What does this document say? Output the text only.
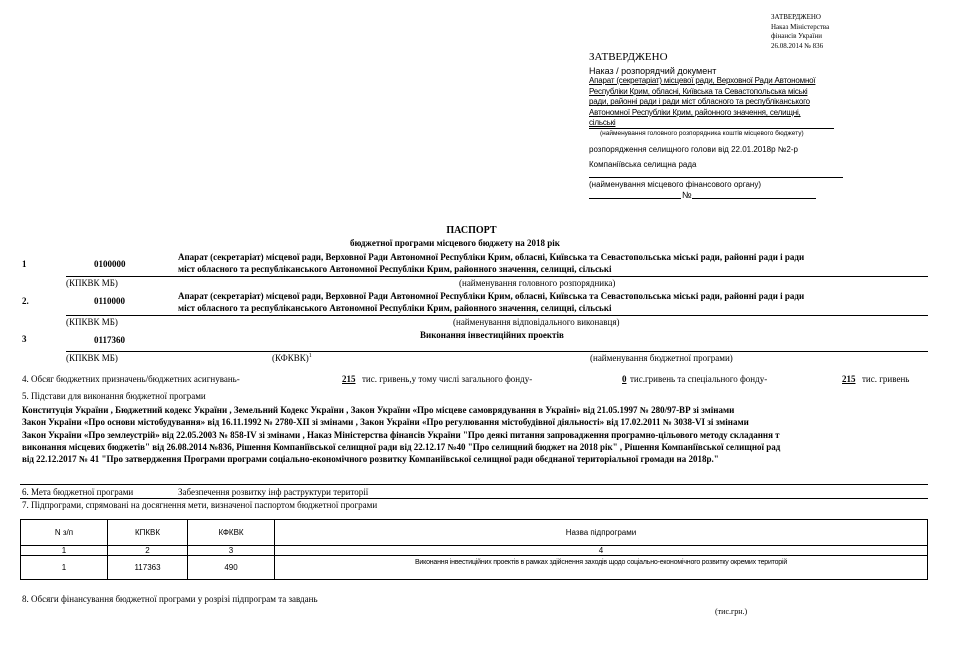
ЗАТВЕРДЖЕНО
Наказ Міністерства
фінансів України
26.08.2014 № 836
ЗАТВЕРДЖЕНО
Наказ / розпорядчий документ
Апарат (секретаріат) місцевої ради, Верховної Ради Автономної
Республіки Крим, обласні, Київська та Севастопольська міські
ради, районні ради і ради міст обласного та республіканського
Автономної Республіки Крим, районного значення, селищні,
сільські
(найменування головного розпорядника коштів місцевого бюджету)
розпорядження селищного голови від 22.01.2018р №2-р
Компаніївська селищна рада
(найменування місцевого фінансового органу)
№
ПАСПОРТ
бюджетної програми місцевого бюджету на 2018 рік
1	0100000
Апарат (секретаріат) місцевої ради, Верховної Ради Автономної Республіки Крим, обласні, Київська та Севастопольська міські ради, районні ради і ради
міст обласного та республіканського Автономної Республіки Крим, районного значення, селищні, сільські
(КПКВК МБ)	(найменування головного розпорядника)
2.	0110000	Апарат (секретаріат) місцевої ради, Верховної Ради Автономної Республіки Крим, обласні, Київська та Севастопольська міські ради, районні ради і ради
міст обласного та республіканського Автономної Республіки Крим, районного значення, селищні, сільські
(КПКВК МБ)	(найменування відповідального виконавця)
3	0117360	Виконання інвестиційних проектів
(КПКВК МБ)	(КФКВК)$^1$	(найменування бюджетної програми)
4. Обсяг бюджетних призначень/бюджетних асигнувань-	215 тис. гривень,у тому числі загального фонду-	0 тис.гривень та спеціального фонду-	215 тис. гривень
5. Підстави для виконання бюджетної програми
Конституція України , Бюджетний кодекс України , Земельний Кодекс України , Закон України «Про місцеве самоврядування в Україні» від 21.05.1997 № 280/97-ВР зі змінами
Закон України «Про основи містобудування» від 16.11.1992 № 2780-ХІІ зі змінами , Закон України «Про регулювання містобудівної діяльності» від 17.02.2011 № 3038-VI зі змінами
Закон України «Про землеустрій» від 22.05.2003 № 858-IV зі змінами , Наказ Міністерства фінансів України "Про деякі питання запровадження програмно-цільового методу складання т
виконання місцевих бюджетів" від 26.08.2014 №836, Рішення Компаніївської селищної ради від 22.12.17 №40 "Про селищний бюджет на 2018 рік" , Рішення Компаніївської селищної рад
від 22.12.2017 № 41 "Про затвердження Програми програми соціально-економічного розвитку Компаніївської селищної ради обєднаної територіальної громади на 2018р."
6. Мета бюджетної програми	Забезпечення розвитку інф раструктури території
7. Підпрограми, спрямовані на досягнення мети, визначеної паспортом бюджетної програми
N з/п	КПКВК	КФКВК	Назва підпрограми
1	2	3	4
1	117363	490	Виконання інвестиційних проектів в рамках здійснення заходів щодо соціально-економічного розвитку окремих територій
8. Обсяги фінансування бюджетної програми у розрізі підпрограм та завдань
(тис.грн.)
